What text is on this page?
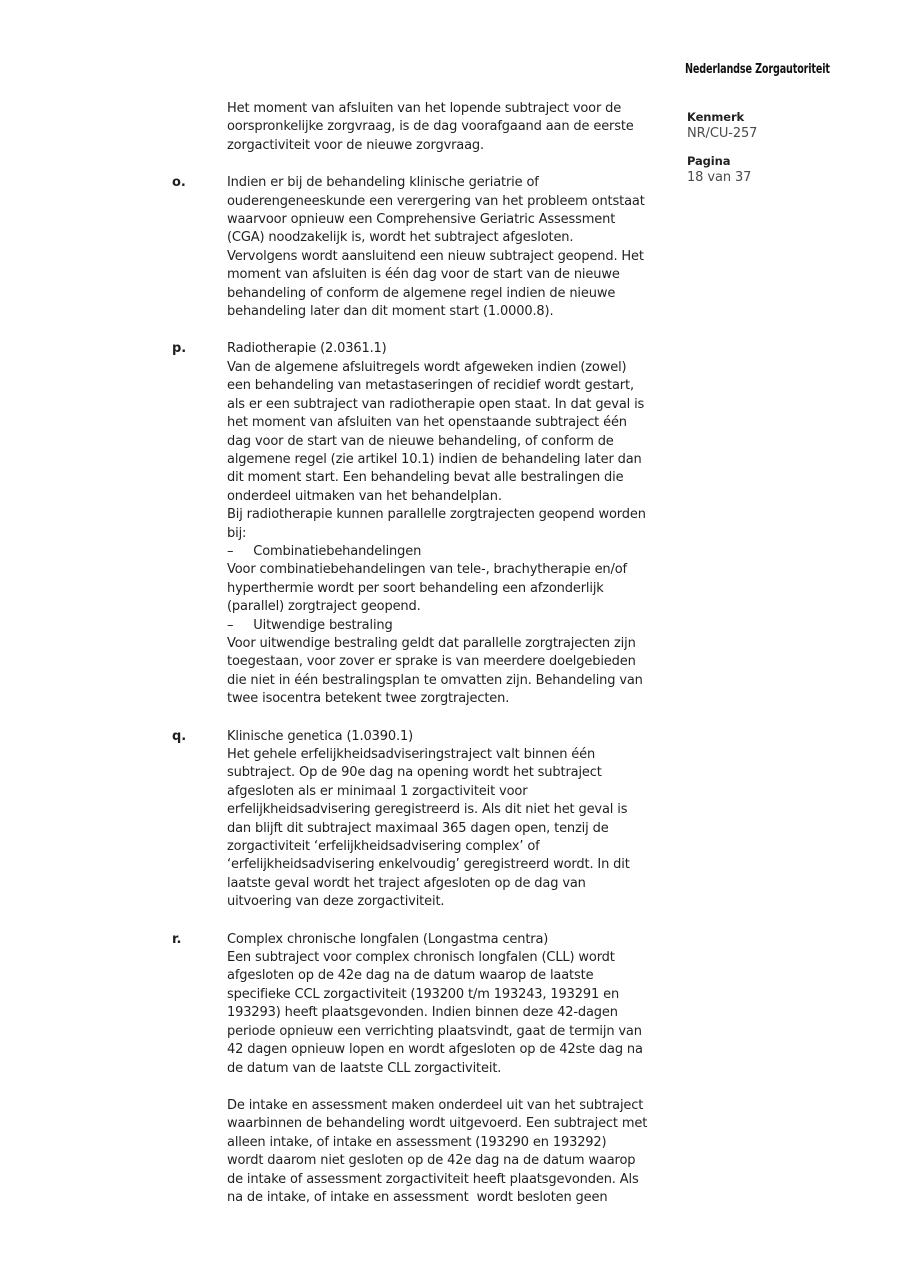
Nederlandse Zorgautoriteit
Kenmerk
NR/CU-257
Pagina
18 van 37
Het moment van afsluiten van het lopende subtraject voor de
oorspronkelijke zorgvraag, is de dag voorafgaand aan de eerste
zorgactiviteit voor de nieuwe zorgvraag.
o.	Indien er bij de behandeling klinische geriatrie of
ouderengeneeskunde een verergering van het probleem ontstaat
waarvoor opnieuw een Comprehensive Geriatric Assessment
(CGA) noodzakelijk is, wordt het subtraject afgesloten.
Vervolgens wordt aansluitend een nieuw subtraject geopend. Het
moment van afsluiten is één dag voor de start van de nieuwe
behandeling of conform de algemene regel indien de nieuwe
behandeling later dan dit moment start (1.0000.8).
p.	Radiotherapie (2.0361.1)
Van de algemene afsluitregels wordt afgeweken indien (zowel)
een behandeling van metastaseringen of recidief wordt gestart,
als er een subtraject van radiotherapie open staat. In dat geval is
het moment van afsluiten van het openstaande subtraject één
dag voor de start van de nieuwe behandeling, of conform de
algemene regel (zie artikel 10.1) indien de behandeling later dan
dit moment start. Een behandeling bevat alle bestralingen die
onderdeel uitmaken van het behandelplan.
Bij radiotherapie kunnen parallelle zorgtrajecten geopend worden
bij:
–     Combinatiebehandelingen
Voor combinatiebehandelingen van tele-, brachytherapie en/of
hyperthermie wordt per soort behandeling een afzonderlijk
(parallel) zorgtraject geopend.
–     Uitwendige bestraling
Voor uitwendige bestraling geldt dat parallelle zorgtrajecten zijn
toegestaan, voor zover er sprake is van meerdere doelgebieden
die niet in één bestralingsplan te omvatten zijn. Behandeling van
twee isocentra betekent twee zorgtrajecten.
q.	Klinische genetica (1.0390.1)
Het gehele erfelijkheidsadviseringstraject valt binnen één
subtraject. Op de 90e dag na opening wordt het subtraject
afgesloten als er minimaal 1 zorgactiviteit voor
erfelijkheidsadvisering geregistreerd is. Als dit niet het geval is
dan blijft dit subtraject maximaal 365 dagen open, tenzij de
zorgactiviteit ‘erfelijkheidsadvisering complex’ of
‘erfelijkheidsadvisering enkelvoudig’ geregistreerd wordt. In dit
laatste geval wordt het traject afgesloten op de dag van
uitvoering van deze zorgactiviteit.
r.	Complex chronische longfalen (Longastma centra)
Een subtraject voor complex chronisch longfalen (CLL) wordt
afgesloten op de 42e dag na de datum waarop de laatste
specifieke CCL zorgactiviteit (193200 t/m 193243, 193291 en
193293) heeft plaatsgevonden. Indien binnen deze 42-dagen
periode opnieuw een verrichting plaatsvindt, gaat de termijn van
42 dagen opnieuw lopen en wordt afgesloten op de 42ste dag na
de datum van de laatste CLL zorgactiviteit.
De intake en assessment maken onderdeel uit van het subtraject
waarbinnen de behandeling wordt uitgevoerd. Een subtraject met
alleen intake, of intake en assessment (193290 en 193292)
wordt daarom niet gesloten op de 42e dag na de datum waarop
de intake of assessment zorgactiviteit heeft plaatsgevonden. Als
na de intake, of intake en assessment  wordt besloten geen
